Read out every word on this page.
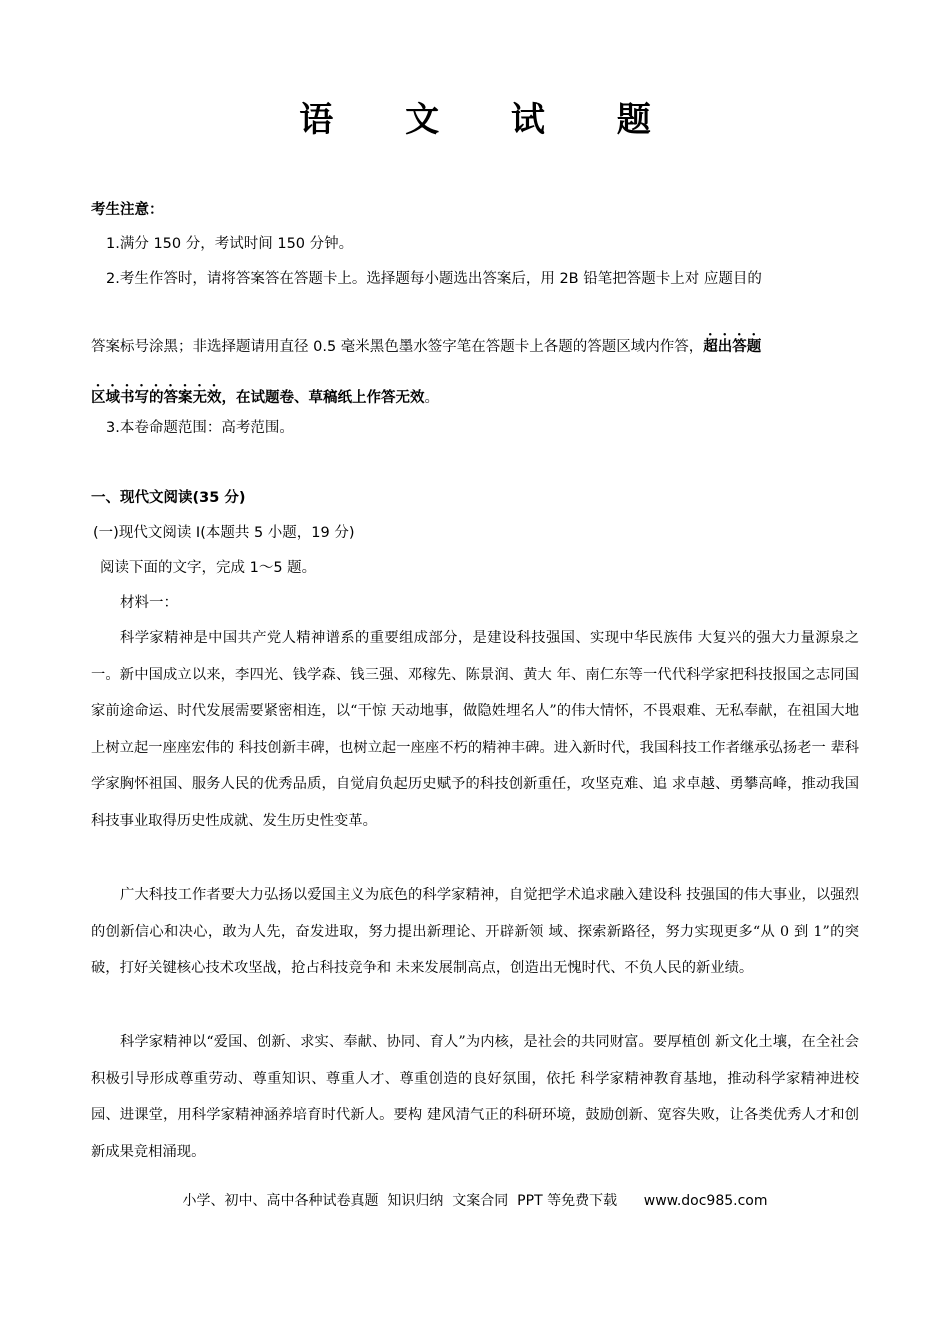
语 文 试 题
考生注意：
1.满分 150 分，考试时间 150 分钟。
2.考生作答时，请将答案答在答题卡上。选择题每小题选出答案后，用 2B 铅笔把答题卡上对 应题目的
答案标号涂黑；非选择题请用直径 0.5 毫米黑色墨水签字笔在答题卡上各题的答题区域内作答，超出答题
区域书写的答案无效，在试题卷、草稿纸上作答无效。
3.本卷命题范围：高考范围。
一、现代文阅读(35 分)
(一)现代文阅读 I(本题共 5 小题，19 分)
阅读下面的文字，完成 1～5 题。
材料一：

科学家精神是中国共产党人精神谱系的重要组成部分，是建设科技强国、实现中华民族伟 大复兴的强大力量源泉之一。新中国成立以来，李四光、钱学森、钱三强、邓稼先、陈景润、黄大 年、南仁东等一代代科学家把科技报国之志同国家前途命运、时代发展需要紧密相连，以“干惊 天动地事，做隐姓埋名人”的伟大情怀，不畏艰难、无私奉献，在祖国大地上树立起一座座宏伟的 科技创新丰碑，也树立起一座座不朽的精神丰碑。进入新时代，我国科技工作者继承弘扬老一 辈科学家胸怀祖国、服务人民的优秀品质，自觉肩负起历史赋予的科技创新重任，攻坚克难、追 求卓越、勇攀高峰，推动我国科技事业取得历史性成就、发生历史性变革。

广大科技工作者要大力弘扬以爱国主义为底色的科学家精神，自觉把学术追求融入建设科 技强国的伟大事业，以强烈的创新信心和决心，敢为人先，奋发进取，努力提出新理论、开辟新领 域、探索新路径，努力实现更多“从 0 到 1”的突破，打好关键核心技术攻坚战，抢占科技竞争和 未来发展制高点，创造出无愧时代、不负人民的新业绩。

科学家精神以“爱国、创新、求实、奉献、协同、育人”为内核，是社会的共同财富。要厚植创 新文化土壤，在全社会积极引导形成尊重劳动、尊重知识、尊重人才、尊重创造的良好氛围，依托 科学家精神教育基地，推动科学家精神进校园、进课堂，用科学家精神涵养培育时代新人。要构 建风清气正的科研环境，鼓励创新、宽容失败，让各类优秀人才和创新成果竞相涌现。

小学、初中、高中各种试卷真题  知识归纳  文案合同  PPT 等免费下载      www.doc985.com
